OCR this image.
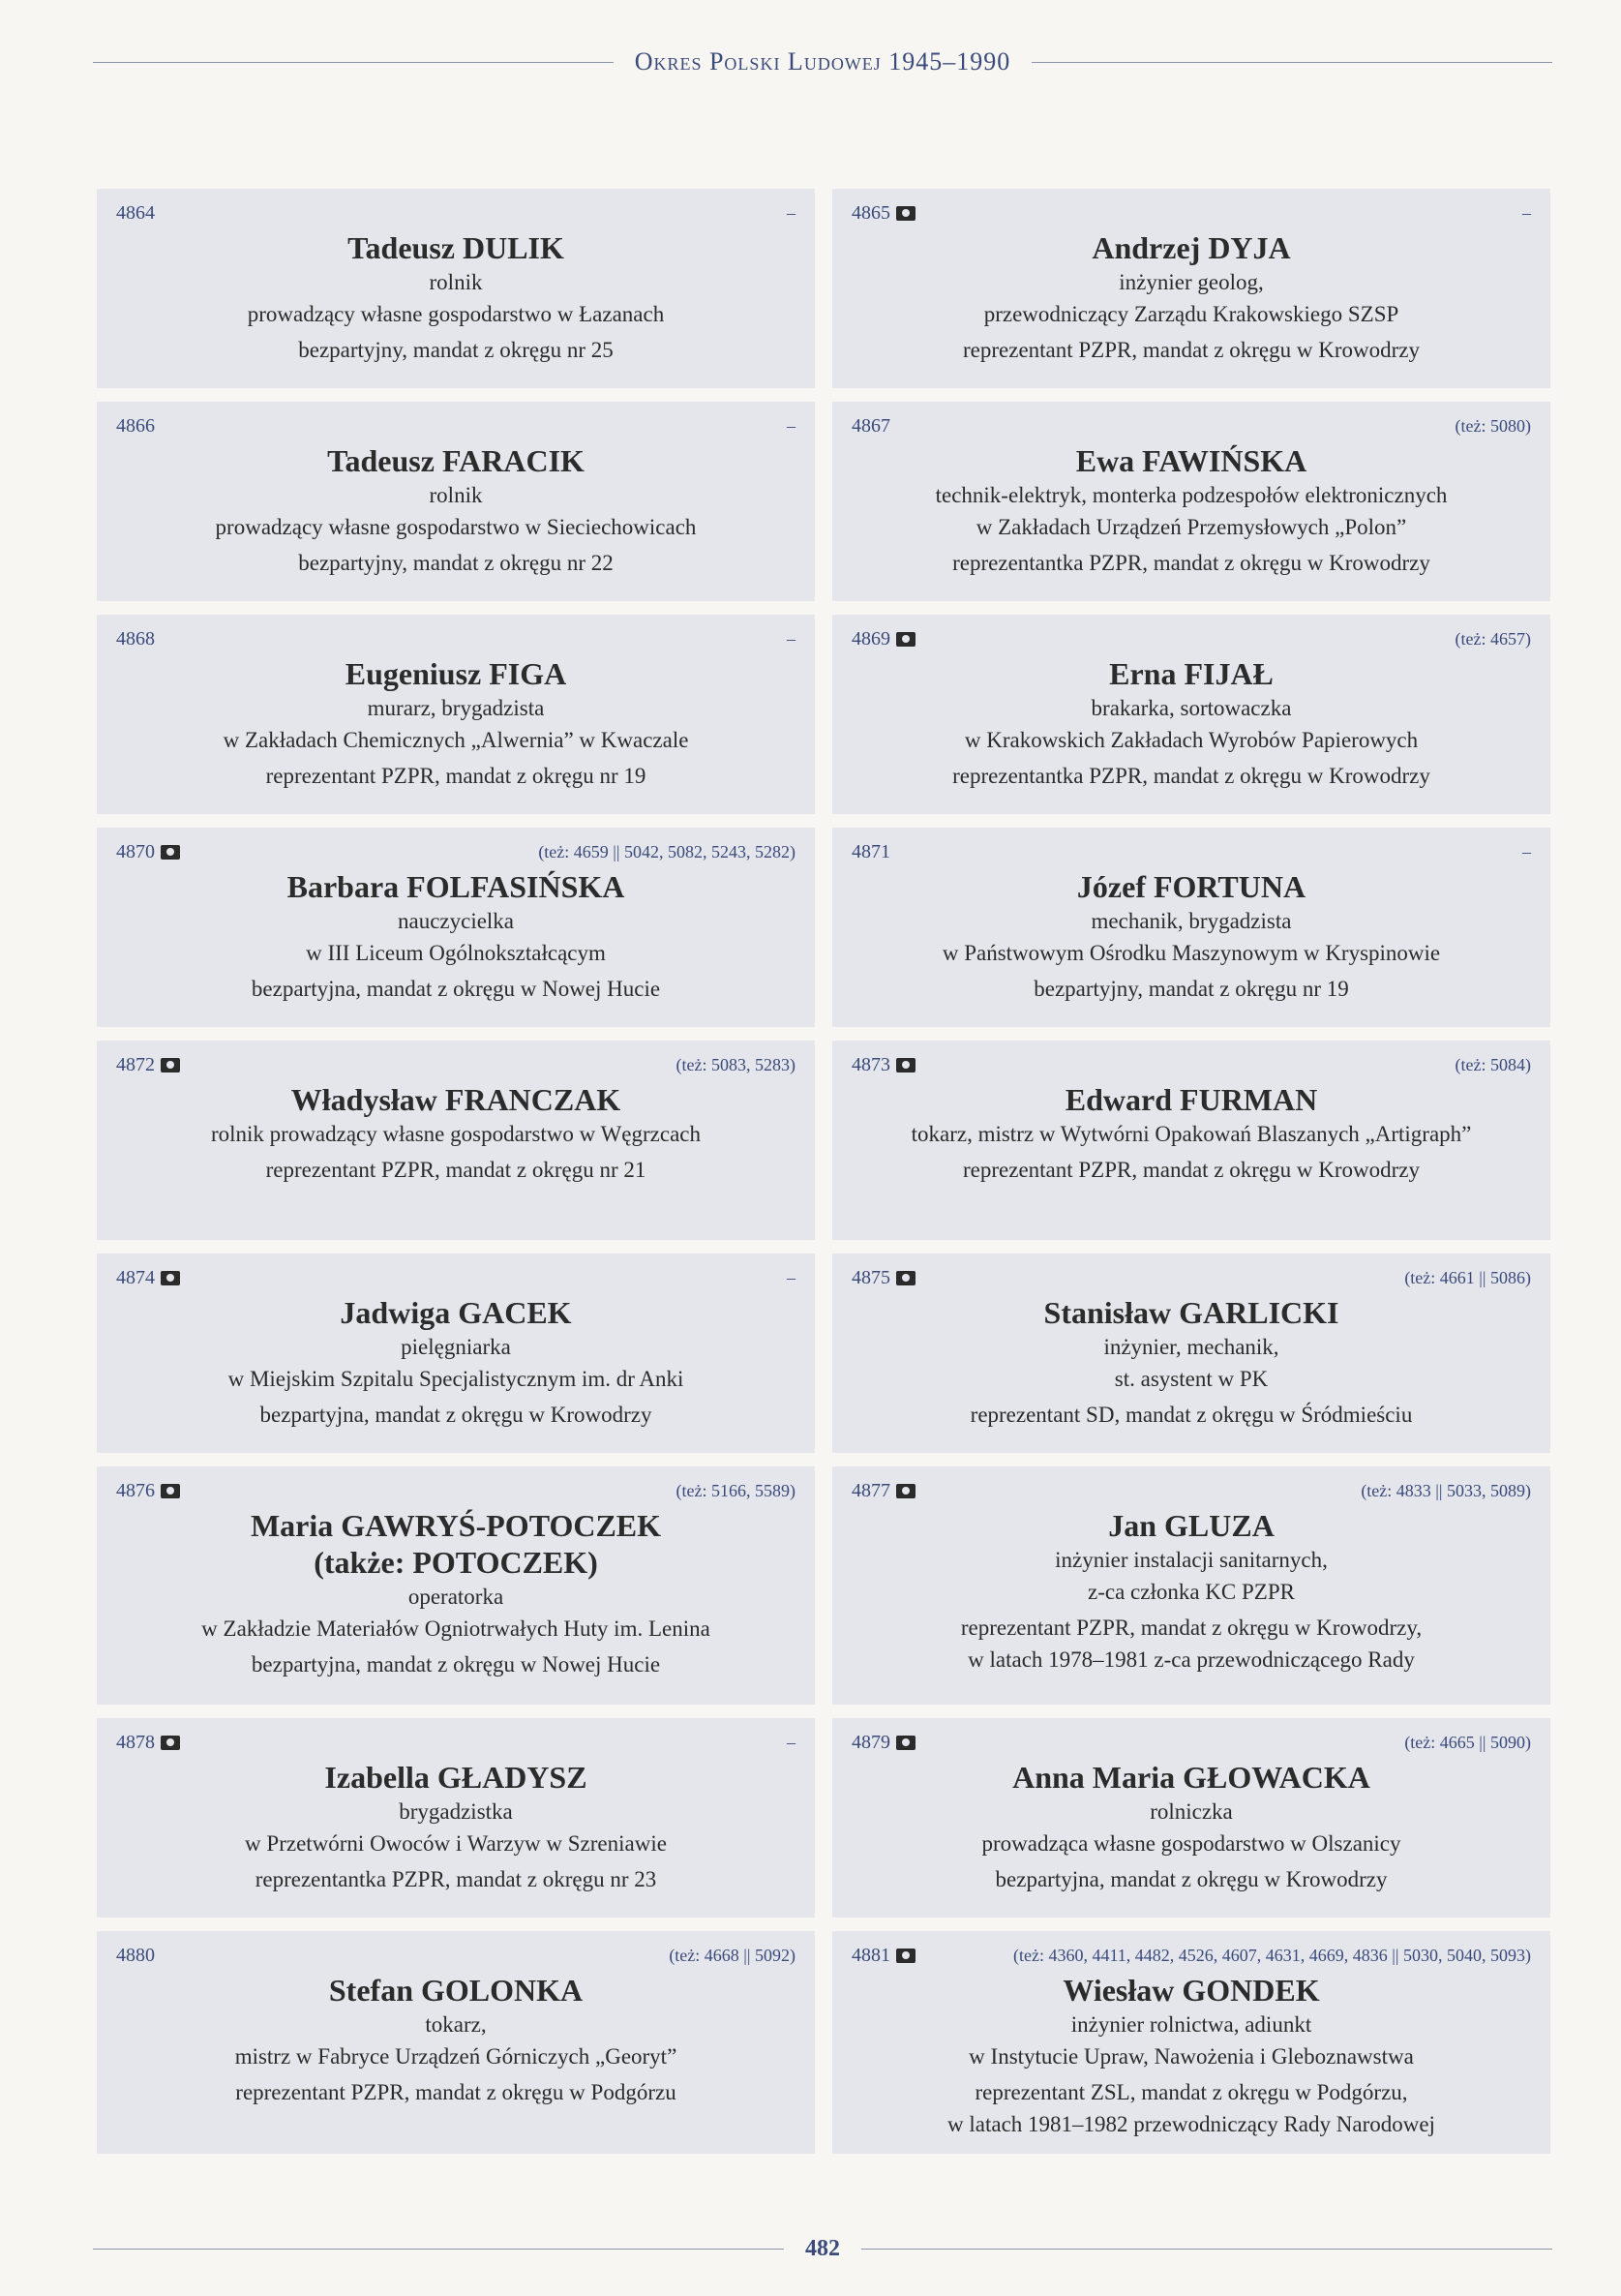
Okres Polski Ludowej 1945–1990
4864	–
Tadeusz DULIK
rolnik
prowadzący własne gospodarstwo w Łazanach
bezpartyjny, mandat z okręgu nr 25
4865	–
Andrzej DYJA
inżynier geolog,
przewodniczący Zarządu Krakowskiego SZSP
reprezentant PZPR, mandat z okręgu w Krowodrzy
4866	–
Tadeusz FARACIK
rolnik
prowadzący własne gospodarstwo w Sieciechowicach
bezpartyjny, mandat z okręgu nr 22
4867	(też: 5080)
Ewa FAWIŃSKA
technik-elektryk, monterka podzespołów elektronicznych
w Zakładach Urządzeń Przemysłowych „Polon”
reprezentantka PZPR, mandat z okręgu w Krowodrzy
4868	–
Eugeniusz FIGA
murarz, brygadzista
w Zakładach Chemicznych „Alwernia” w Kwaczale
reprezentant PZPR, mandat z okręgu nr 19
4869	(też: 4657)
Erna FIJAŁ
brakarka, sortowaczka
w Krakowskich Zakładach Wyrobów Papierowych
reprezentantka PZPR, mandat z okręgu w Krowodrzy
4870	(też: 4659 || 5042, 5082, 5243, 5282)
Barbara FOLFASIŃSKA
nauczycielka
w III Liceum Ogólnokształcącym
bezpartyjna, mandat z okręgu w Nowej Hucie
4871	–
Józef FORTUNA
mechanik, brygadzista
w Państwowym Ośrodku Maszynowym w Kryspinowie
bezpartyjny, mandat z okręgu nr 19
4872	(też: 5083, 5283)
Władysław FRANCZAK
rolnik prowadzący własne gospodarstwo w Węgrzcach
reprezentant PZPR, mandat z okręgu nr 21
4873	(też: 5084)
Edward FURMAN
tokarz, mistrz w Wytwórni Opakowań Blaszanych „Artigraph”
reprezentant PZPR, mandat z okręgu w Krowodrzy
4874	–
Jadwiga GACEK
pielęgniarka
w Miejskim Szpitalu Specjalistycznym im. dr Anki
bezpartyjna, mandat z okręgu w Krowodrzy
4875	(też: 4661 || 5086)
Stanisław GARLICKI
inżynier, mechanik,
st. asystent w PK
reprezentant SD, mandat z okręgu w Śródmieściu
4876	(też: 5166, 5589)
Maria GAWRYŚ-POTOCZEK
(także: POTOCZEK)
operatorka
w Zakładzie Materiałów Ogniotrwałych Huty im. Lenina
bezpartyjna, mandat z okręgu w Nowej Hucie
4877	(też: 4833 || 5033, 5089)
Jan GLUZA
inżynier instalacji sanitarnych,
z-ca członka KC PZPR
reprezentant PZPR, mandat z okręgu w Krowodrzy,
w latach 1978–1981 z-ca przewodniczącego Rady
4878	–
Izabella GŁADYSZ
brygadzistka
w Przetwórni Owoców i Warzyw w Szreniawie
reprezentantka PZPR, mandat z okręgu nr 23
4879	(też: 4665 || 5090)
Anna Maria GŁOWACKA
rolniczka
prowadząca własne gospodarstwo w Olszanicy
bezpartyjna, mandat z okręgu w Krowodrzy
4880	(też: 4668 || 5092)
Stefan GOLONKA
tokarz,
mistrz w Fabryce Urządzeń Górniczych „Georyt”
reprezentant PZPR, mandat z okręgu w Podgórzu
4881	(też: 4360, 4411, 4482, 4526, 4607, 4631, 4669, 4836 || 5030, 5040, 5093)
Wiesław GONDEK
inżynier rolnictwa, adiunkt
w Instytucie Upraw, Nawożenia i Gleboznawstwa
reprezentant ZSL, mandat z okręgu w Podgórzu,
w latach 1981–1982 przewodniczący Rady Narodowej
482
